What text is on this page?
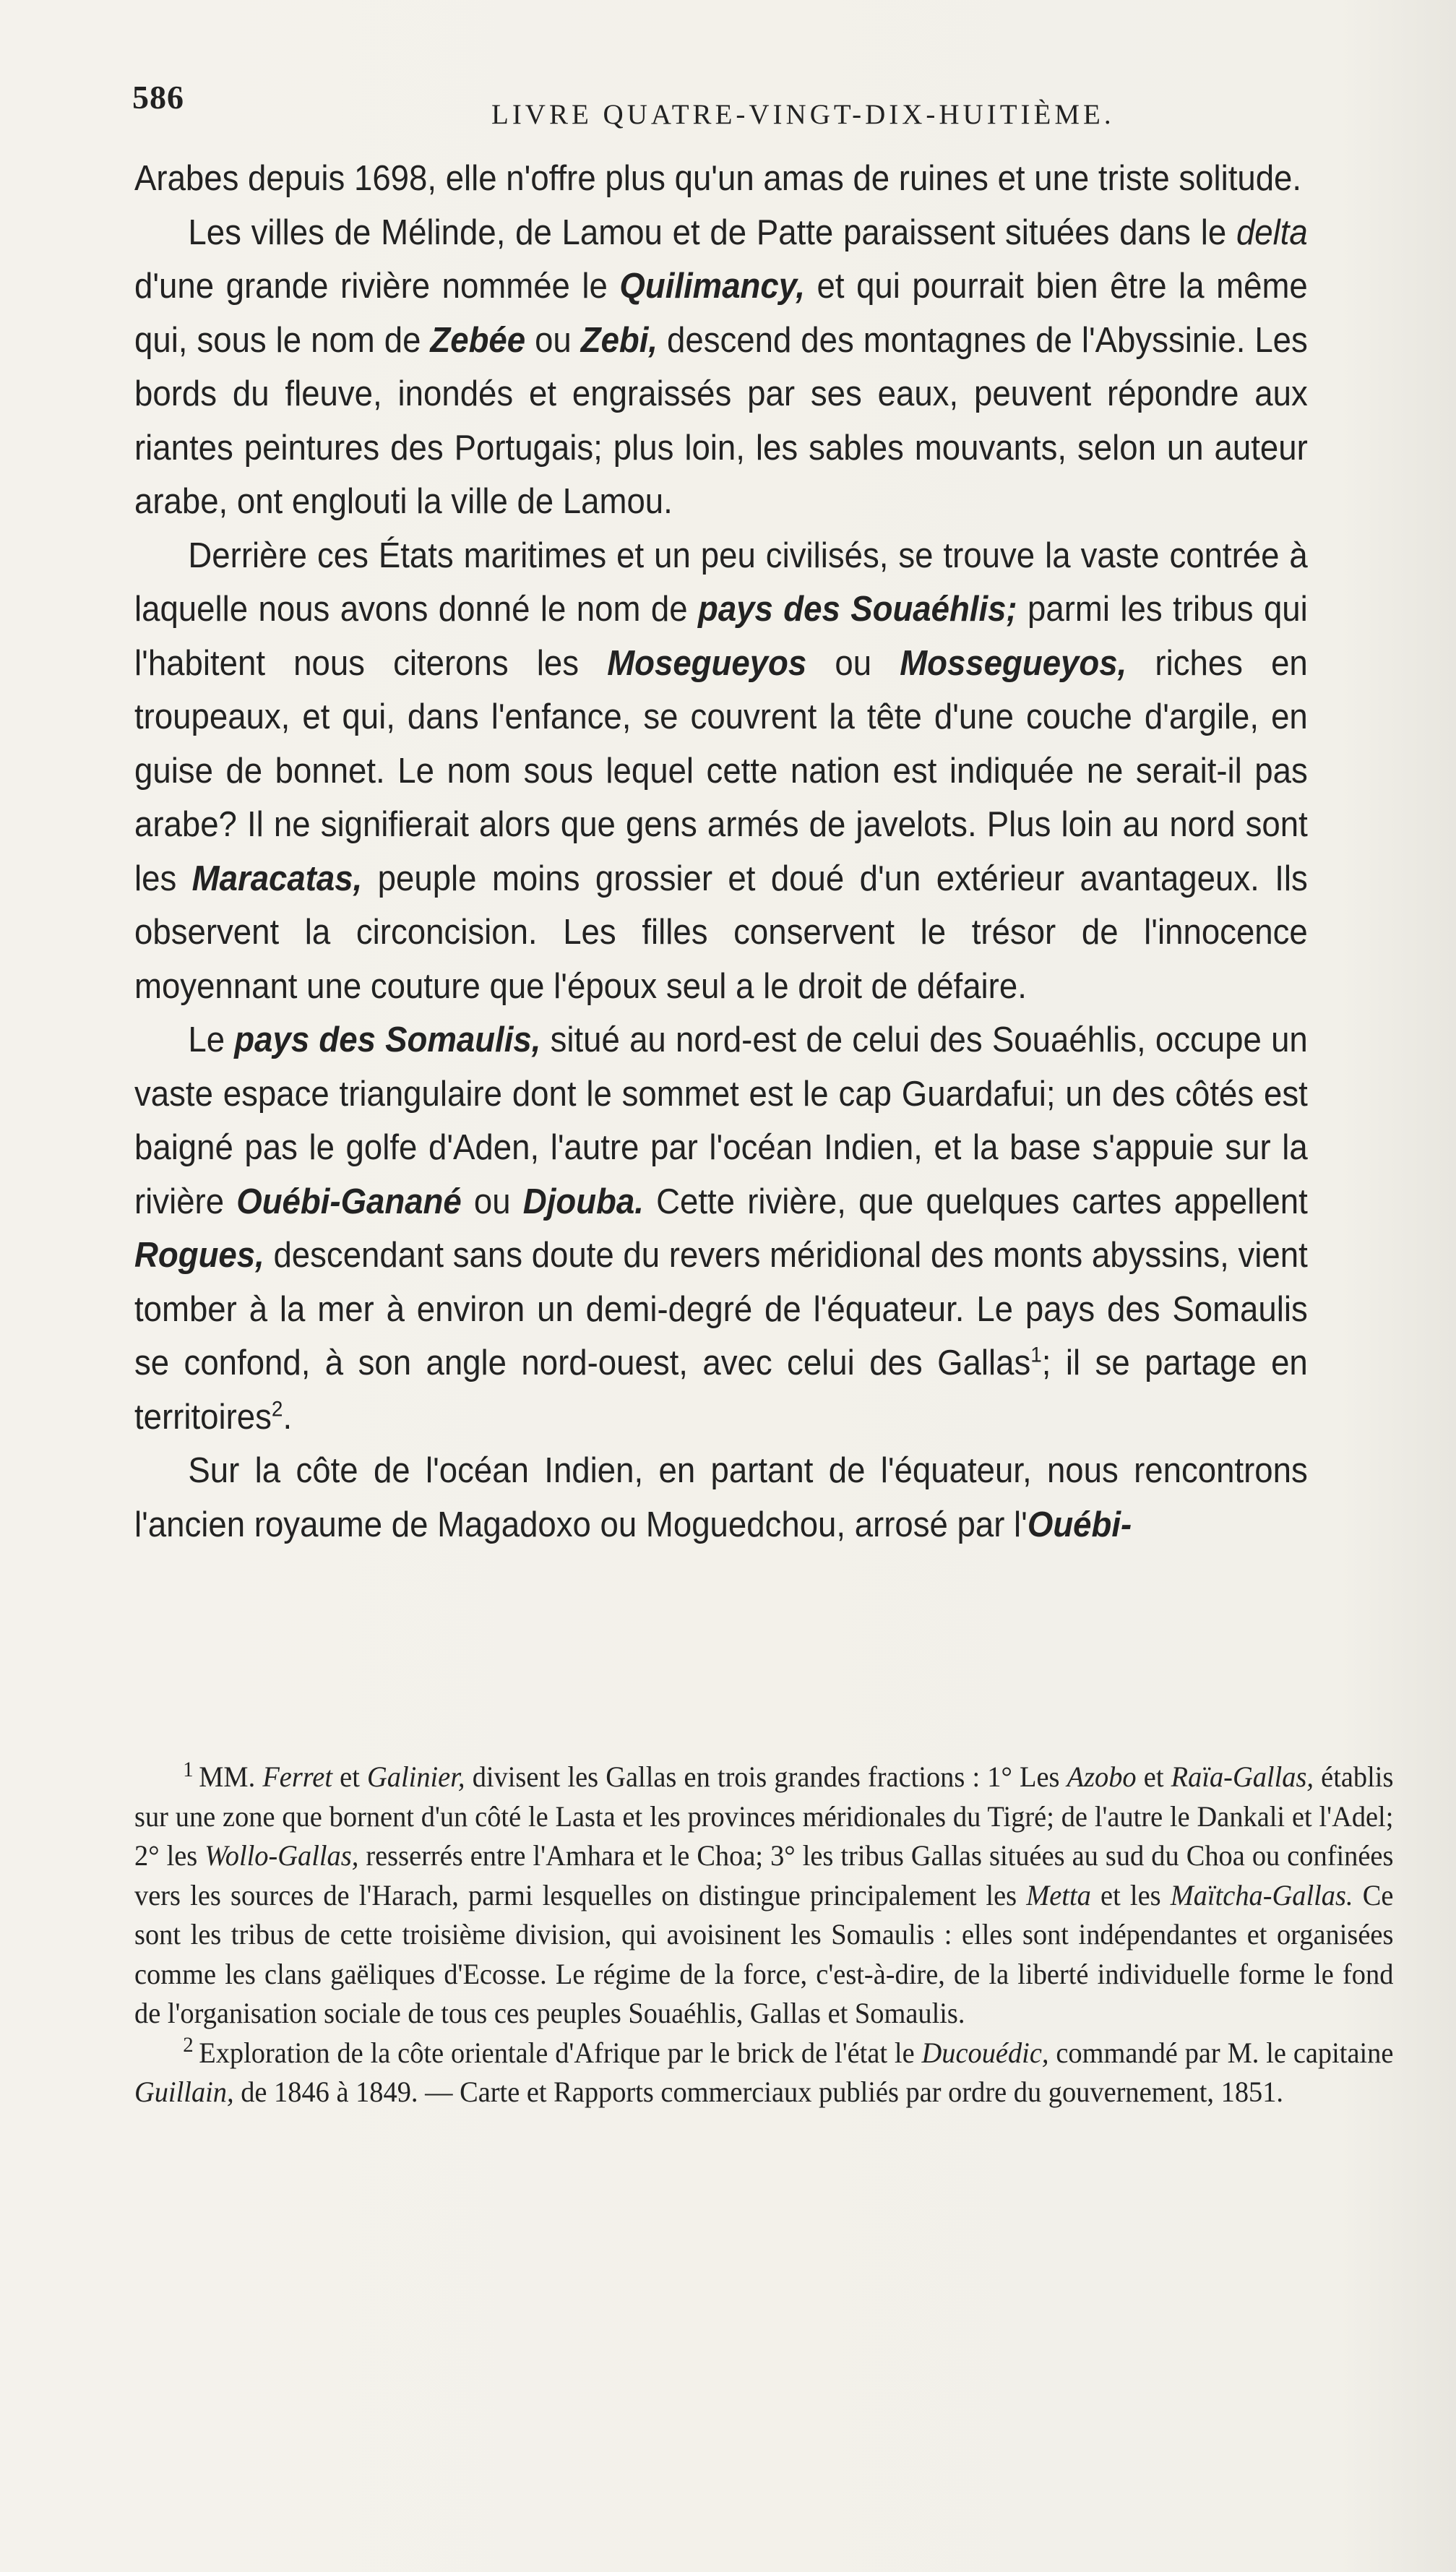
586	LIVRE QUATRE-VINGT-DIX-HUITIÈME.

Arabes depuis 1698, elle n'offre plus qu'un amas de ruines et une triste solitude.

Les villes de Mélinde, de Lamou et de Patte paraissent situées dans le delta d'une grande rivière nommée le Quilimancy, et qui pourrait bien être la même qui, sous le nom de Zebée ou Zebi, descend des montagnes de l'Abyssinie. Les bords du fleuve, inondés et engraissés par ses eaux, peuvent répondre aux riantes peintures des Portugais; plus loin, les sables mouvants, selon un auteur arabe, ont englouti la ville de Lamou.

Derrière ces États maritimes et un peu civilisés, se trouve la vaste contrée à laquelle nous avons donné le nom de pays des Souaéhlis; parmi les tribus qui l'habitent nous citerons les Moseguеyos ou Mosseguеyos, riches en troupeaux, et qui, dans l'enfance, se couvrent la tête d'une couche d'argile, en guise de bonnet. Le nom sous lequel cette nation est indiquée ne serait-il pas arabe? Il ne signifierait alors que gens armés de javelots. Plus loin au nord sont les Maracatas, peuple moins grossier et doué d'un extérieur avantageux. Ils observent la circoncision. Les filles conservent le trésor de l'innocence moyennant une couture que l'époux seul a le droit de défaire.

Le pays des Somaulis, situé au nord-est de celui des Souaéhlis, occupe un vaste espace triangulaire dont le sommet est le cap Guardafui; un des côtés est baigné pas le golfe d'Aden, l'autre par l'océan Indien, et la base s'appuie sur la rivière Ouébi-Ganané ou Djouba. Cette rivière, que quelques cartes appellent Rogues, descendant sans doute du revers méridional des monts abyssins, vient tomber à la mer à environ un demi-degré de l'équateur. Le pays des Somaulis se confond, à son angle nord-ouest, avec celui des Gallas$^1$; il se partage en territoires$^2$.

Sur la côte de l'océan Indien, en partant de l'équateur, nous rencontrons l'ancien royaume de Magadoxo ou Moguedchou, arrosé par l'Ouébi-

$^1$ MM. Ferret et Galinier, divisent les Gallas en trois grandes fractions : 1° Les Azobo et Raïa-Gallas, établis sur une zone que bornent d'un côté le Lasta et les provinces méridionales du Tigré; de l'autre le Dankali et l'Adel; 2° les Wollo-Gallas, resserrés entre l'Amhara et le Choa; 3° les tribus Gallas situées au sud du Choa ou confinées vers les sources de l'Harach, parmi lesquelles on distingue principalement les Metta et les Maïtcha-Gallas. Ce sont les tribus de cette troisième division, qui avoisinent les Somaulis : elles sont indépendantes et organisées comme les clans gaëliques d'Ecosse. Le régime de la force, c'est-à-dire, de la liberté individuelle forme le fond de l'organisation sociale de tous ces peuples Souaéhlis, Gallas et Somaulis.

$^2$ Exploration de la côte orientale d'Afrique par le brick de l'état le Ducouédic, commandé par M. le capitaine Guillain, de 1846 à 1849. — Carte et Rapports commerciaux publiés par ordre du gouvernement, 1851.
